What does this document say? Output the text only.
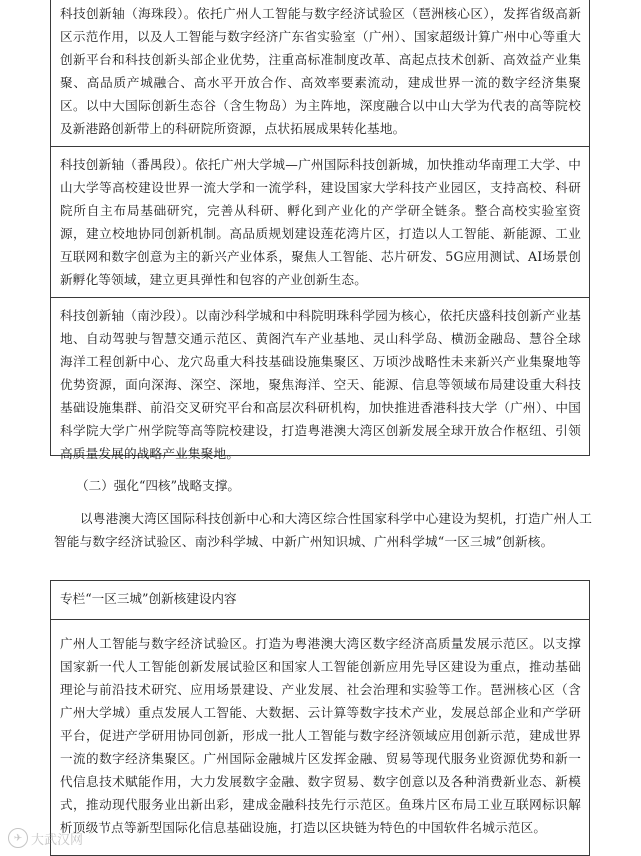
科技创新轴（海珠段）。依托广州人工智能与数字经济试验区（琶洲核心区），发挥省级高新区示范作用，以及人工智能与数字经济广东省实验室（广州）、国家超级计算广州中心等重大创新平台和科技创新头部企业优势，注重高标准制度改革、高起点技术创新、高效益产业集聚、高品质产城融合、高水平开放合作、高效率要素流动，建成世界一流的数字经济集聚区。以中大国际创新生态谷（含生物岛）为主阵地，深度融合以中山大学为代表的高等院校及新港路创新带上的科研院所资源，点状拓展成果转化基地。

科技创新轴（番禺段）。依托广州大学城—广州国际科技创新城，加快推动华南理工大学、中山大学等高校建设世界一流大学和一流学科，建设国家大学科技产业园区，支持高校、科研院所自主布局基础研究，完善从科研、孵化到产业化的产学研全链条。整合高校实验室资源，建立校地协同创新机制。高品质规划建设莲花湾片区，打造以人工智能、新能源、工业互联网和数字创意为主的新兴产业体系，聚焦人工智能、芯片研发、5G应用测试、AI场景创新孵化等领域，建立更具弹性和包容的产业创新生态。

科技创新轴（南沙段）。以南沙科学城和中科院明珠科学园为核心，依托庆盛科技创新产业基地、自动驾驶与智慧交通示范区、黄阁汽车产业基地、灵山科学岛、横沥金融岛、慧谷全球海洋工程创新中心、龙穴岛重大科技基础设施集聚区、万顷沙战略性未来新兴产业集聚地等优势资源，面向深海、深空、深地，聚焦海洋、空天、能源、信息等领域布局建设重大科技基础设施集群、前沿交叉研究平台和高层次科研机构，加快推进香港科技大学（广州）、中国科学院大学广州学院等高等院校建设，打造粤港澳大湾区创新发展全球开放合作枢纽、引领高质量发展的战略产业集聚地。

（二）强化“四核”战略支撑。

以粤港澳大湾区国际科技创新中心和大湾区综合性国家科学中心建设为契机，打造广州人工智能与数字经济试验区、南沙科学城、中新广州知识城、广州科学城“一区三城”创新核。

专栏“一区三城”创新核建设内容

广州人工智能与数字经济试验区。打造为粤港澳大湾区数字经济高质量发展示范区。以支撑国家新一代人工智能创新发展试验区和国家人工智能创新应用先导区建设为重点，推动基础理论与前沿技术研究、应用场景建设、产业发展、社会治理和实验等工作。琶洲核心区（含广州大学城）重点发展人工智能、大数据、云计算等数字技术产业，发展总部企业和产学研平台，促进产学研用协同创新，形成一批人工智能与数字经济领域应用创新示范，建成世界一流的数字经济集聚区。广州国际金融城片区发挥金融、贸易等现代服务业资源优势和新一代信息技术赋能作用，大力发展数字金融、数字贸易、数字创意以及各种消费新业态、新模式，推动现代服务业出新出彩，建成金融科技先行示范区。鱼珠片区布局工业互联网标识解析顶级节点等新型国际化信息基础设施，打造以区块链为特色的中国软件名城示范区。

✈ 大武汉网
